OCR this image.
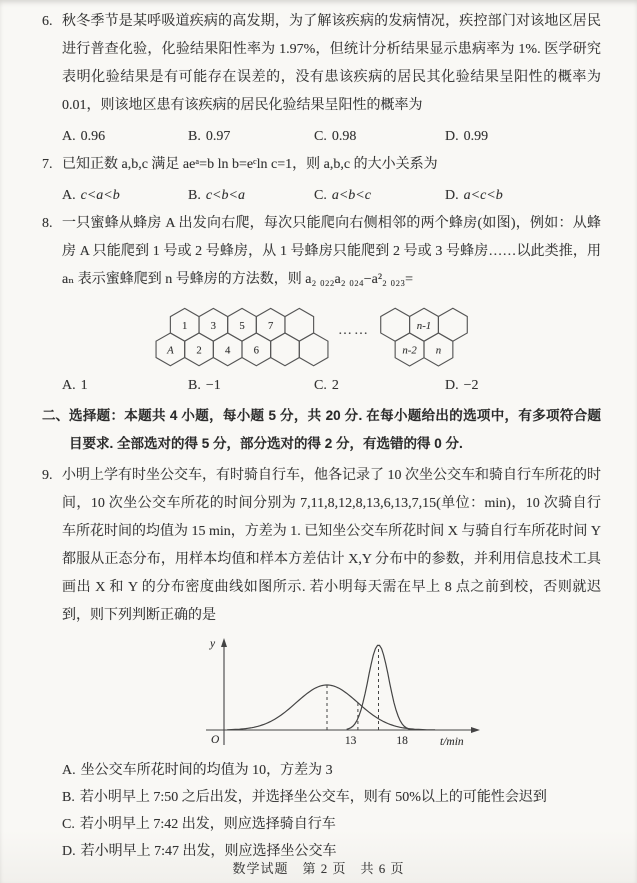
6. 秋冬季节是某呼吸道疾病的高发期，为了解该疾病的发病情况，疾控部门对该地区居民进行普查化验，化验结果阳性率为 1.97%，但统计分析结果显示患病率为 1%. 医学研究表明化验结果是有可能存在误差的，没有患该疾病的居民其化验结果呈阳性的概率为 0.01，则该地区患有该疾病的居民化验结果呈阳性的概率为
A. 0.96	B. 0.97	C. 0.98	D. 0.99
7. 已知正数 a,b,c 满足 aeᵃ=b ln b=eᶜln c=1，则 a,b,c 的大小关系为
A. c<a<b	B. c<b<a	C. a<b<c	D. a<c<b
8. 一只蜜蜂从蜂房 A 出发向右爬，每次只能爬向右侧相邻的两个蜂房(如图)，例如：从蜂房 A 只能爬到 1 号或 2 号蜂房，从 1 号蜂房只能爬到 2 号或 3 号蜂房……以此类推，用 aₙ 表示蜜蜂爬到 n 号蜂房的方法数，则 a₂ ₀₂₂a₂ ₀₂₄−a²₂ ₀₂₃=
A 2 4 6
1 3 5 7	……	n-1
n-2 n
A. 1	B. −1	C. 2	D. −2
二、 选择题：本题共 4 小题，每小题 5 分，共 20 分. 在每小题给出的选项中，有多项符合题目要求. 全部选对的得 5 分，部分选对的得 2 分，有选错的得 0 分.
9. 小明上学有时坐公交车，有时骑自行车，他各记录了 10 次坐公交车和骑自行车所花的时间，10 次坐公交车所花的时间分别为 7,11,8,12,8,13,6,13,7,15(单位：min)，10 次骑自行车所花时间的均值为 15 min，方差为 1. 已知坐公交车所花时间 X 与骑自行车所花时间 Y 都服从正态分布，用样本均值和样本方差估计 X,Y 分布中的参数，并利用信息技术工具画出 X 和 Y 的分布密度曲线如图所示. 若小明每天需在早上 8 点之前到校，否则就迟到，则下列判断正确的是
y
O	t/min
13	18
A. 坐公交车所花时间的均值为 10，方差为 3
B. 若小明早上 7:50 之后出发，并选择坐公交车，则有 50%以上的可能性会迟到
C. 若小明早上 7:42 出发，则应选择骑自行车
D. 若小明早上 7:47 出发，则应选择坐公交车
数学试题　第 2 页　共 6 页
